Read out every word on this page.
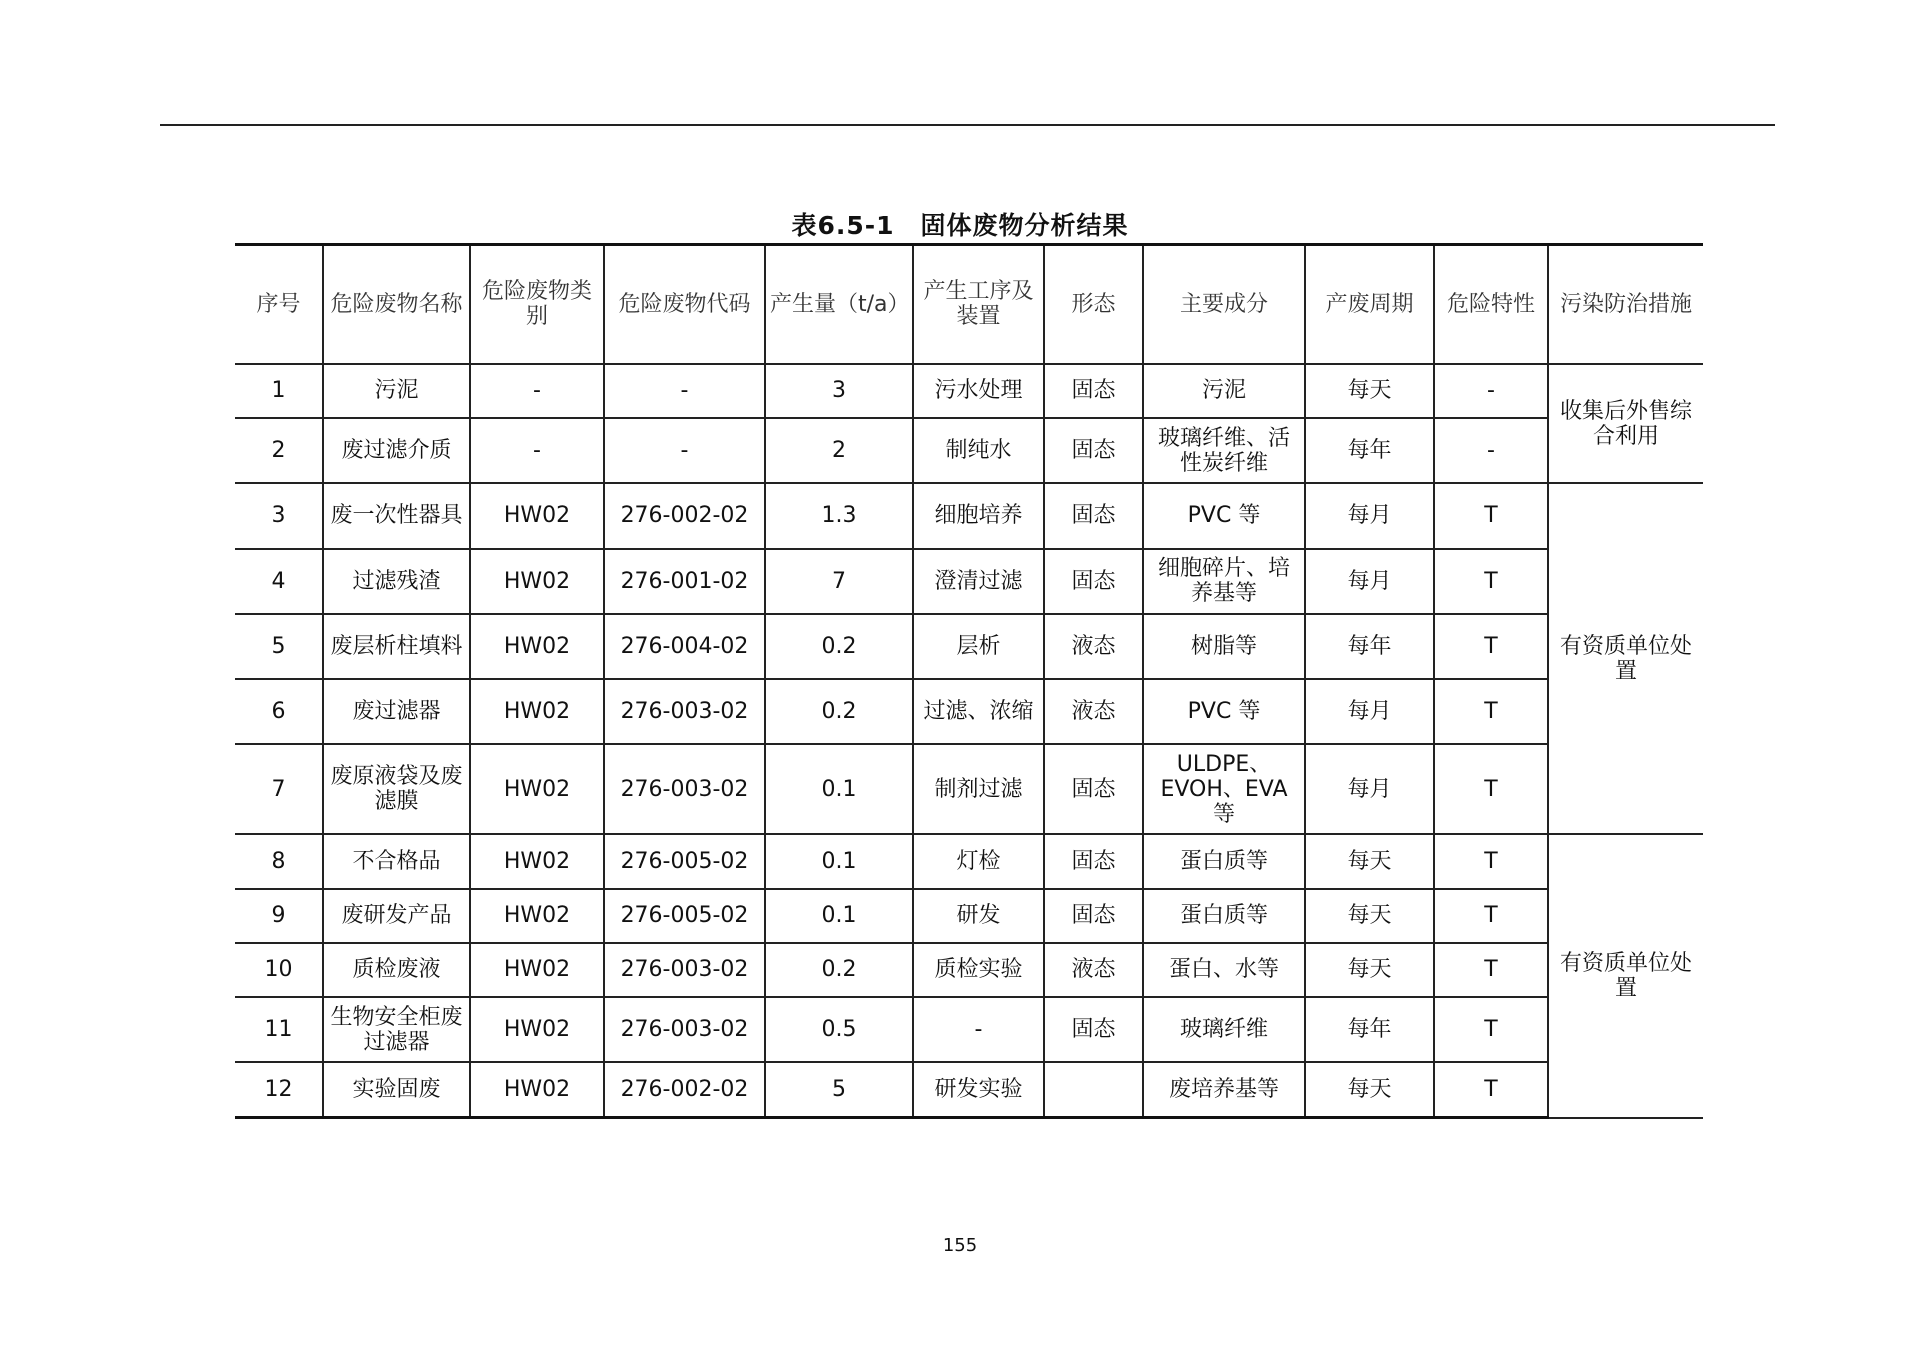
表6.5-1　固体废物分析结果
序号	危险废物名称	危险废物类别	危险废物代码	产生量（t/a）	产生工序及装置	形态	主要成分	产废周期	危险特性	污染防治措施
1	污泥	-	-	3	污水处理	固态	污泥	每天	-	收集后外售综合利用
2	废过滤介质	-	-	2	制纯水	固态	玻璃纤维、活性炭纤维	每年	-	
3	废一次性器具	HW02	276-002-02	1.3	细胞培养	固态	PVC 等	每月	T	有资质单位处置
4	过滤残渣	HW02	276-001-02	7	澄清过滤	固态	细胞碎片、培养基等	每月	T	
5	废层析柱填料	HW02	276-004-02	0.2	层析	液态	树脂等	每年	T	
6	废过滤器	HW02	276-003-02	0.2	过滤、浓缩	液态	PVC 等	每月	T	
7	废原液袋及废滤膜	HW02	276-003-02	0.1	制剂过滤	固态	ULDPE、EVOH、EVA 等	每月	T	
8	不合格品	HW02	276-005-02	0.1	灯检	固态	蛋白质等	每天	T	有资质单位处置
9	废研发产品	HW02	276-005-02	0.1	研发	固态	蛋白质等	每天	T	
10	质检废液	HW02	276-003-02	0.2	质检实验	液态	蛋白、水等	每天	T	
11	生物安全柜废过滤器	HW02	276-003-02	0.5	-	固态	玻璃纤维	每年	T	
12	实验固废	HW02	276-002-02	5	研发实验		废培养基等	每天	T	
155
